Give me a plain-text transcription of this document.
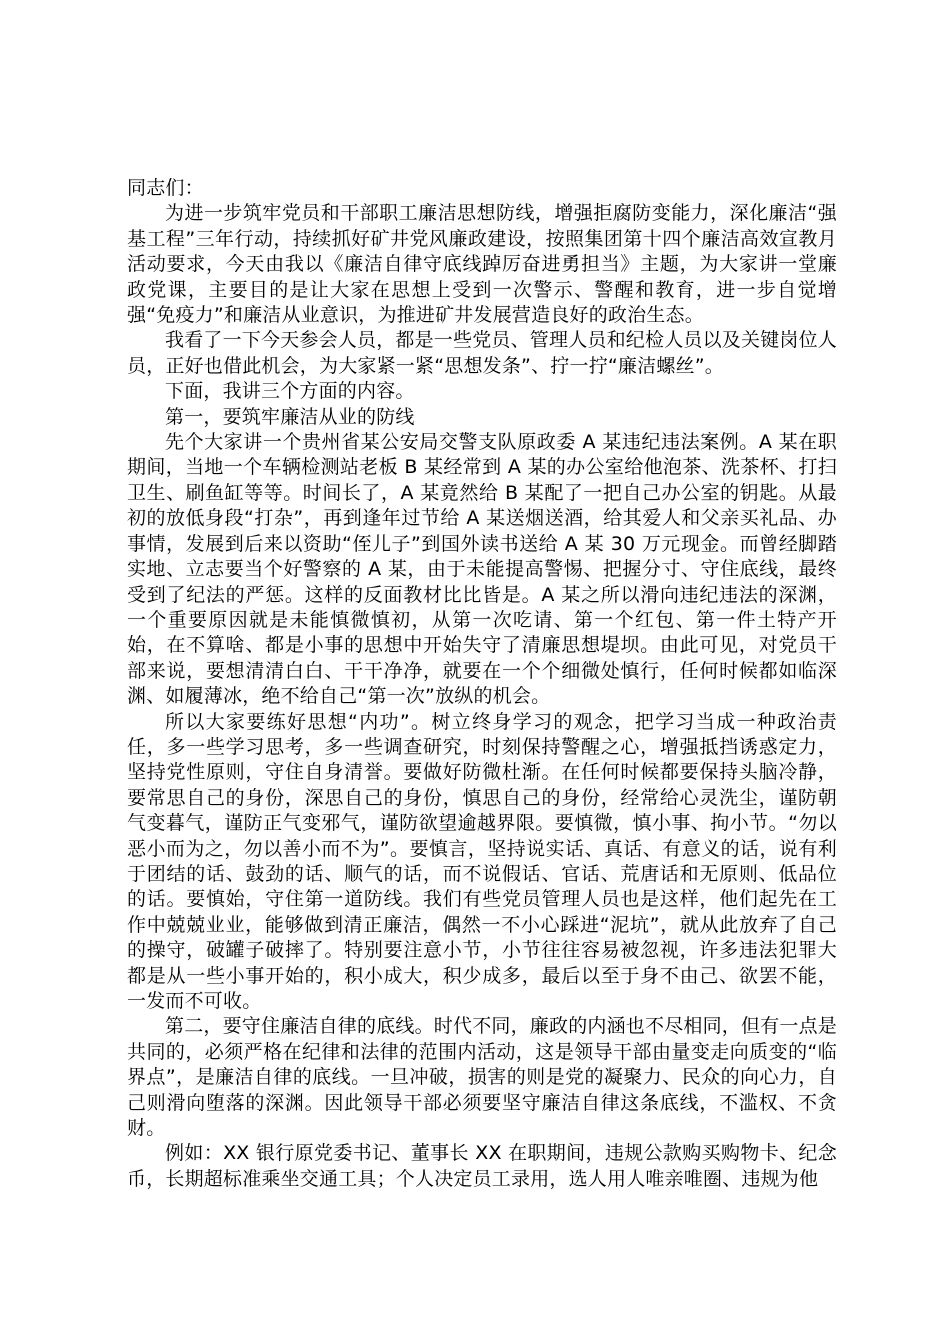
同志们：

为进一步筑牢党员和干部职工廉洁思想防线，增强拒腐防变能力，深化廉洁“强基工程”三年行动，持续抓好矿井党风廉政建设，按照集团第十四个廉洁高效宣教月活动要求，今天由我以《廉洁自律守底线踔厉奋进勇担当》主题，为大家讲一堂廉政党课，主要目的是让大家在思想上受到一次警示、警醒和教育，进一步自觉增强“免疫力”和廉洁从业意识，为推进矿井发展营造良好的政治生态。

我看了一下今天参会人员，都是一些党员、管理人员和纪检人员以及关键岗位人员，正好也借此机会，为大家紧一紧“思想发条”、拧一拧“廉洁螺丝”。

下面，我讲三个方面的内容。

第一，要筑牢廉洁从业的防线

先个大家讲一个贵州省某公安局交警支队原政委 A 某违纪违法案例。A 某在职期间，当地一个车辆检测站老板 B 某经常到 A 某的办公室给他泡茶、洗茶杯、打扫卫生、刷鱼缸等等。时间长了，A 某竟然给 B 某配了一把自己办公室的钥匙。从最初的放低身段“打杂”，再到逢年过节给 A 某送烟送酒，给其爱人和父亲买礼品、办事情，发展到后来以资助“侄儿子”到国外读书送给 A 某 30 万元现金。而曾经脚踏实地、立志要当个好警察的 A 某，由于未能提高警惕、把握分寸、守住底线，最终受到了纪法的严惩。这样的反面教材比比皆是。A 某之所以滑向违纪违法的深渊，一个重要原因就是未能慎微慎初，从第一次吃请、第一个红包、第一件土特产开始，在不算啥、都是小事的思想中开始失守了清廉思想堤坝。由此可见，对党员干部来说，要想清清白白、干干净净，就要在一个个细微处慎行，任何时候都如临深渊、如履薄冰，绝不给自己“第一次”放纵的机会。

所以大家要练好思想“内功”。树立终身学习的观念，把学习当成一种政治责任，多一些学习思考，多一些调查研究，时刻保持警醒之心，增强抵挡诱惑定力，坚持党性原则，守住自身清誉。要做好防微杜渐。在任何时候都要保持头脑冷静，要常思自己的身份，深思自己的身份，慎思自己的身份，经常给心灵洗尘，谨防朝气变暮气，谨防正气变邪气，谨防欲望逾越界限。要慎微，慎小事、拘小节。“勿以恶小而为之，勿以善小而不为”。要慎言，坚持说实话、真话、有意义的话，说有利于团结的话、鼓劲的话、顺气的话，而不说假话、官话、荒唐话和无原则、低品位的话。要慎始，守住第一道防线。我们有些党员管理人员也是这样，他们起先在工作中兢兢业业，能够做到清正廉洁，偶然一不小心踩进“泥坑”，就从此放弃了自己的操守，破罐子破摔了。特别要注意小节，小节往往容易被忽视，许多违法犯罪大都是从一些小事开始的，积小成大，积少成多，最后以至于身不由己、欲罢不能，一发而不可收。

第二，要守住廉洁自律的底线。时代不同，廉政的内涵也不尽相同，但有一点是共同的，必须严格在纪律和法律的范围内活动，这是领导干部由量变走向质变的“临界点”，是廉洁自律的底线。一旦冲破，损害的则是党的凝聚力、民众的向心力，自己则滑向堕落的深渊。因此领导干部必须要坚守廉洁自律这条底线，不滥权、不贪财。

例如：XX 银行原党委书记、董事长 XX 在职期间，违规公款购买购物卡、纪念币，长期超标准乘坐交通工具；个人决定员工录用，选人用人唯亲唯圈、违规为他
